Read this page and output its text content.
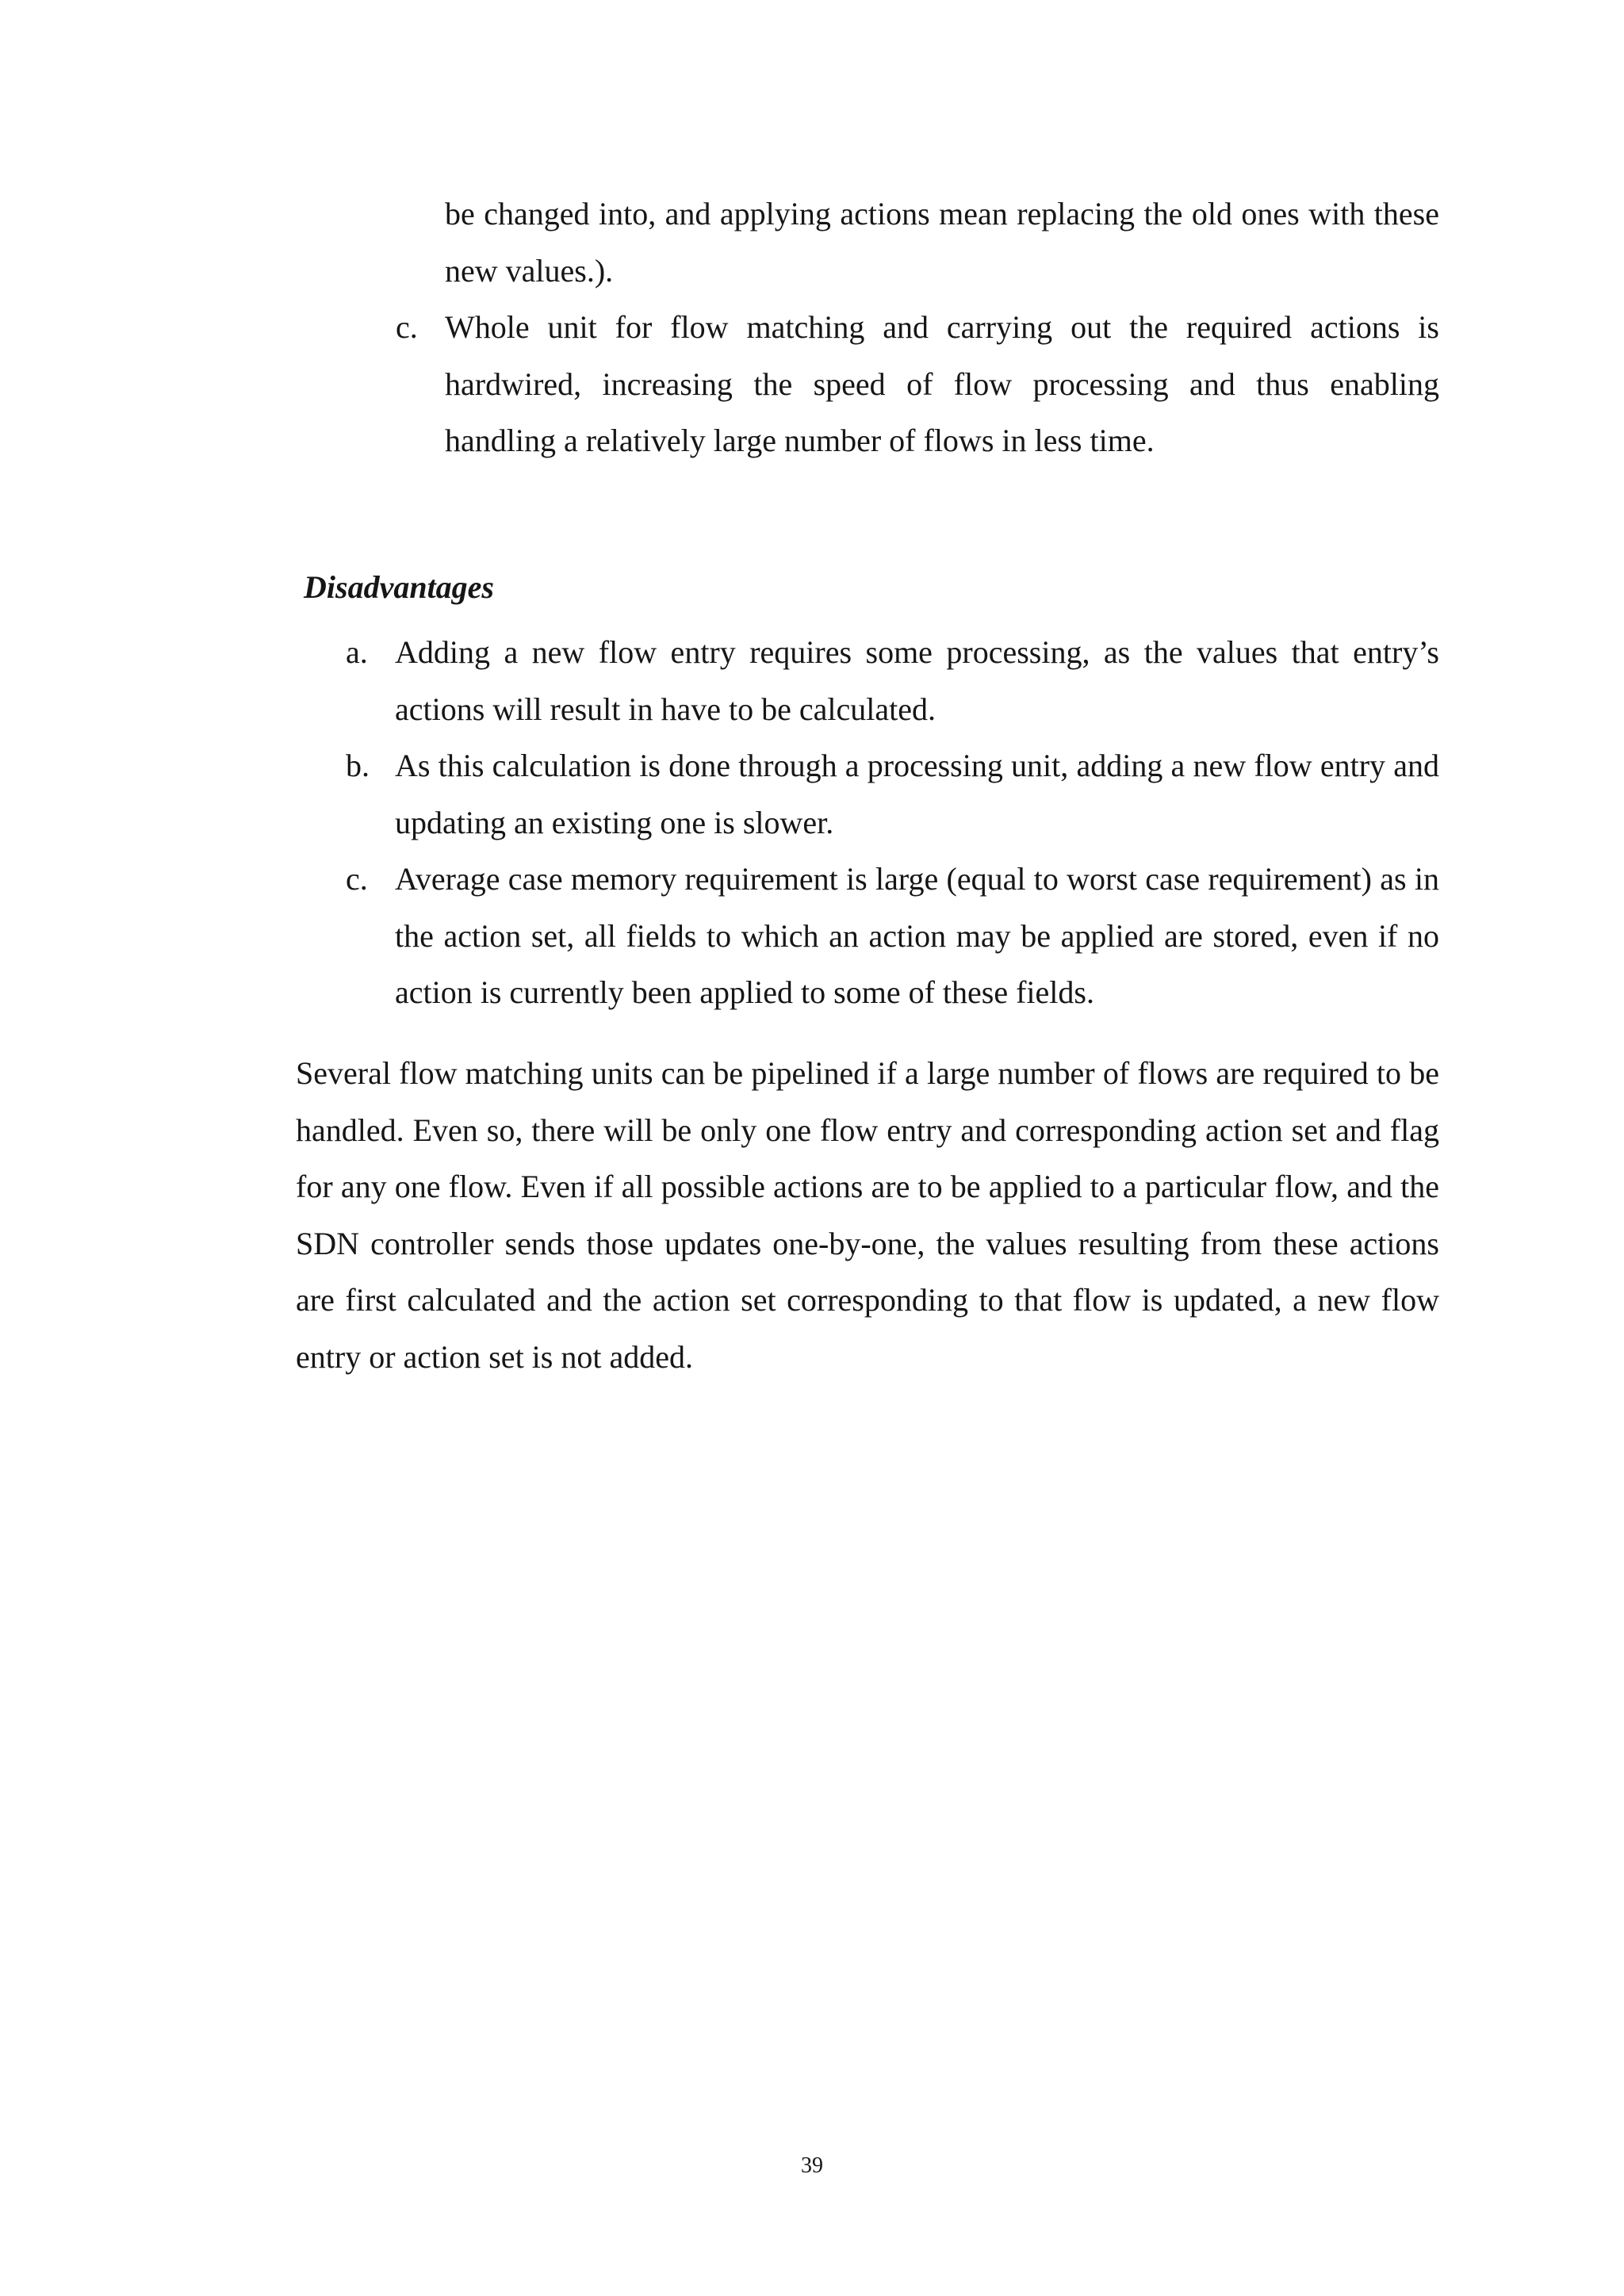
be changed into, and applying actions mean replacing the old ones with these new values.).

c. Whole unit for flow matching and carrying out the required actions is hardwired, increasing the speed of flow processing and thus enabling handling a relatively large number of flows in less time.
Disadvantages
a. Adding a new flow entry requires some processing, as the values that entry’s actions will result in have to be calculated.
b. As this calculation is done through a processing unit, adding a new flow entry and updating an existing one is slower.
c. Average case memory requirement is large (equal to worst case requirement) as in the action set, all fields to which an action may be applied are stored, even if no action is currently been applied to some of these fields.

Several flow matching units can be pipelined if a large number of flows are required to be handled. Even so, there will be only one flow entry and corresponding action set and flag for any one flow. Even if all possible actions are to be applied to a particular flow, and the SDN controller sends those updates one-by-one, the values resulting from these actions are first calculated and the action set corresponding to that flow is updated, a new flow entry or action set is not added.

39
